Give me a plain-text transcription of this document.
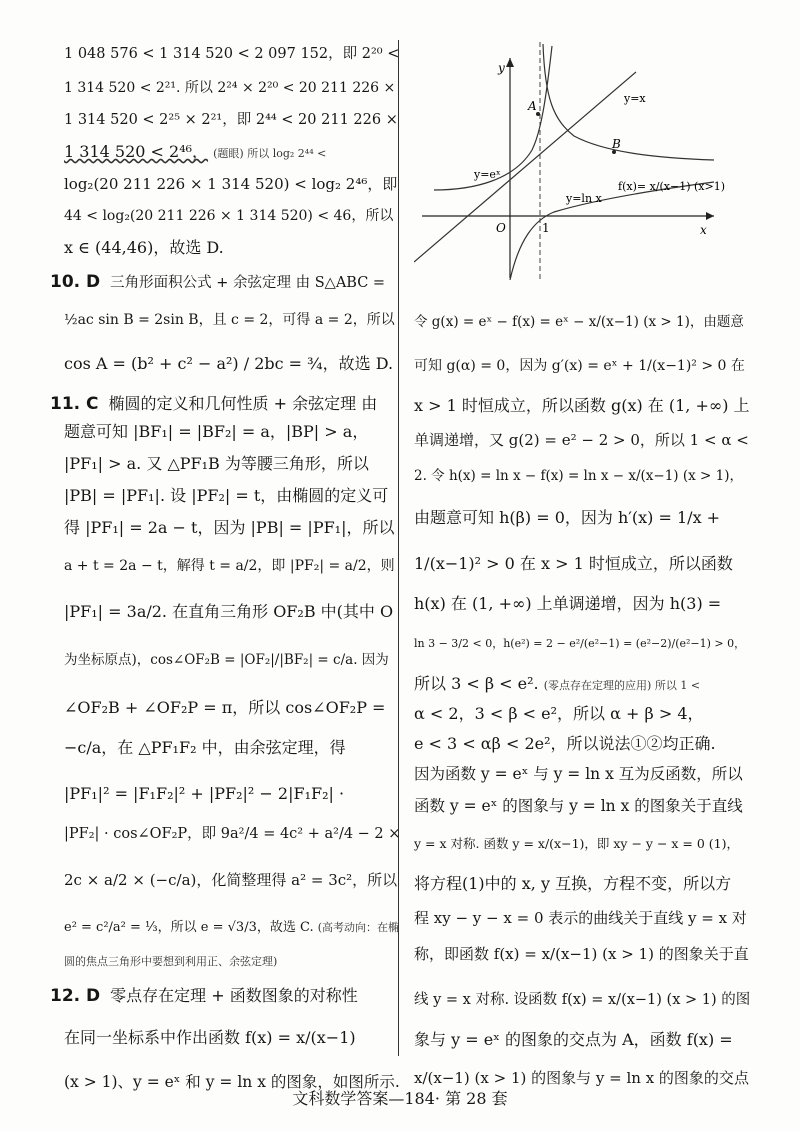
1 048 576 < 1 314 520 < 2 097 152，即 2²⁰ <
1 314 520 < 2²¹. 所以 2²⁴ × 2²⁰ < 20 211 226 ×
1 314 520 < 2²⁵ × 2²¹，即 2⁴⁴ < 20 211 226 ×
1 314 520 < 2⁴⁶， (题眼) 所以 log₂ 2⁴⁴ <
log₂(20 211 226 × 1 314 520) < log₂ 2⁴⁶，即
44 < log₂(20 211 226 × 1 314 520) < 46，所以
x ∈ (44,46)，故选 D.
10. D 三角形面积公式 + 余弦定理 由 S△ABC =
½ac sin B = 2sin B，且 c = 2，可得 a = 2，所以
cos A = (b² + c² − a²) / 2bc = ¾，故选 D.
11. C 椭圆的定义和几何性质 + 余弦定理 由
题意可知 |BF₁| = |BF₂| = a，|BP| > a，
|PF₁| > a. 又 △PF₁B 为等腰三角形，所以
|PB| = |PF₁|. 设 |PF₂| = t，由椭圆的定义可
得 |PF₁| = 2a − t，因为 |PB| = |PF₁|，所以
a + t = 2a − t，解得 t = a/2，即 |PF₂| = a/2，则
|PF₁| = 3a/2. 在直角三角形 OF₂B 中(其中 O
为坐标原点)，cos∠OF₂B = |OF₂|/|BF₂| = c/a. 因为
∠OF₂B + ∠OF₂P = π，所以 cos∠OF₂P =
−c/a，在 △PF₁F₂ 中，由余弦定理，得
|PF₁|² = |F₁F₂|² + |PF₂|² − 2|F₁F₂| ·
|PF₂| · cos∠OF₂P，即 9a²/4 = 4c² + a²/4 − 2 ×
2c × a/2 × (−c/a)，化简整理得 a² = 3c²，所以
e² = c²/a² = ⅓，所以 e = √3/3，故选 C. (高考动向：在椭
圆的焦点三角形中要想到利用正、余弦定理)
12. D 零点存在定理 + 函数图象的对称性
在同一坐标系中作出函数 f(x) = x/(x−1)
(x > 1)、y = eˣ 和 y = ln x 的图象，如图所示.
y
x
O	1
A
B
y=x
y=eˣ
y=ln x
f(x)= x/(x−1) (x>1)
令 g(x) = eˣ − f(x) = eˣ − x/(x−1) (x > 1)，由题意
可知 g(α) = 0，因为 g′(x) = eˣ + 1/(x−1)² > 0 在
x > 1 时恒成立，所以函数 g(x) 在 (1, +∞) 上
单调递增，又 g(2) = e² − 2 > 0，所以 1 < α <
2. 令 h(x) = ln x − f(x) = ln x − x/(x−1) (x > 1)，
由题意可知 h(β) = 0，因为 h′(x) = 1/x +
1/(x−1)² > 0 在 x > 1 时恒成立，所以函数
h(x) 在 (1, +∞) 上单调递增，因为 h(3) =
ln 3 − 3/2 < 0，h(e²) = 2 − e²/(e²−1) = (e²−2)/(e²−1) > 0，
所以 3 < β < e². (零点存在定理的应用) 所以 1 <
α < 2，3 < β < e²，所以 α + β > 4，
e < 3 < αβ < 2e²，所以说法①②均正确.
因为函数 y = eˣ 与 y = ln x 互为反函数，所以
函数 y = eˣ 的图象与 y = ln x 的图象关于直线
y = x 对称. 函数 y = x/(x−1)，即 xy − y − x = 0 (1)，
将方程(1)中的 x, y 互换，方程不变，所以方
程 xy − y − x = 0 表示的曲线关于直线 y = x 对
称，即函数 f(x) = x/(x−1) (x > 1) 的图象关于直
线 y = x 对称. 设函数 f(x) = x/(x−1) (x > 1) 的图
象与 y = eˣ 的图象的交点为 A，函数 f(x) =
x/(x−1) (x > 1) 的图象与 y = ln x 的图象的交点
文科数学答案—184· 第 28 套
